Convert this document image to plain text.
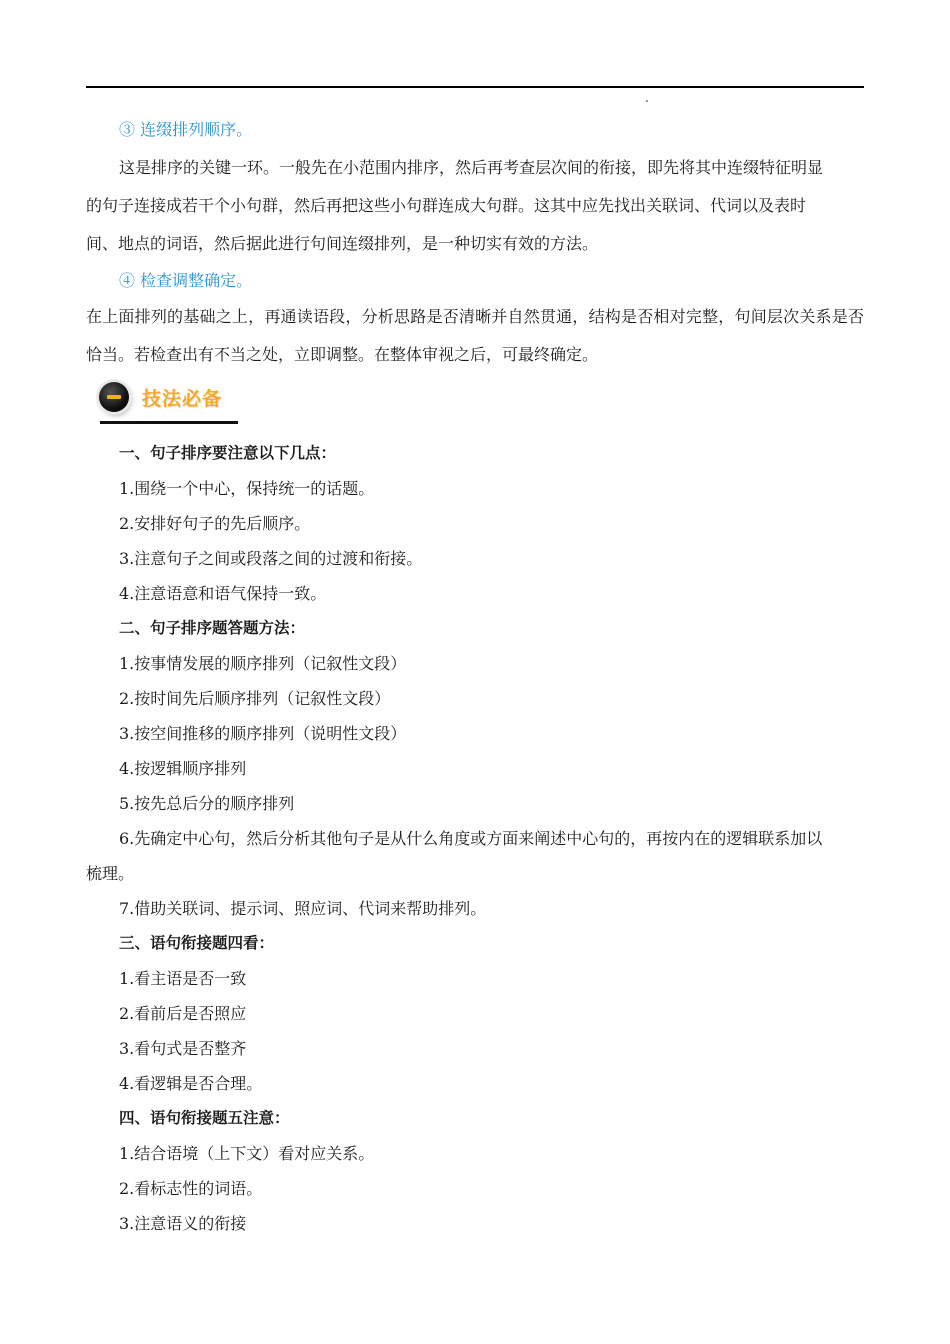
③ 连缀排列顺序。
这是排序的关键一环。一般先在小范围内排序，然后再考查层次间的衔接，即先将其中连缀特征明显
的句子连接成若干个小句群，然后再把这些小句群连成大句群。这其中应先找出关联词、代词以及表时
间、地点的词语，然后据此进行句间连缀排列，是一种切实有效的方法。
④ 检查调整确定。
在上面排列的基础之上，再通读语段，分析思路是否清晰并自然贯通，结构是否相对完整，句间层次关系是否恰当。若检查出有不当之处，立即调整。在整体审视之后，可最终确定。
技法必备
一、句子排序要注意以下几点：
1.围绕一个中心，保持统一的话题。
2.安排好句子的先后顺序。
3.注意句子之间或段落之间的过渡和衔接。
4.注意语意和语气保持一致。
二、句子排序题答题方法：
1.按事情发展的顺序排列（记叙性文段）
2.按时间先后顺序排列（记叙性文段）
3.按空间推移的顺序排列（说明性文段）
4.按逻辑顺序排列
5.按先总后分的顺序排列
6.先确定中心句，然后分析其他句子是从什么角度或方面来阐述中心句的，再按内在的逻辑联系加以
梳理。
7.借助关联词、提示词、照应词、代词来帮助排列。
三、语句衔接题四看：
1.看主语是否一致
2.看前后是否照应
3.看句式是否整齐
4.看逻辑是否合理。
四、语句衔接题五注意：
1.结合语境（上下文）看对应关系。
2.看标志性的词语。
3.注意语义的衔接
